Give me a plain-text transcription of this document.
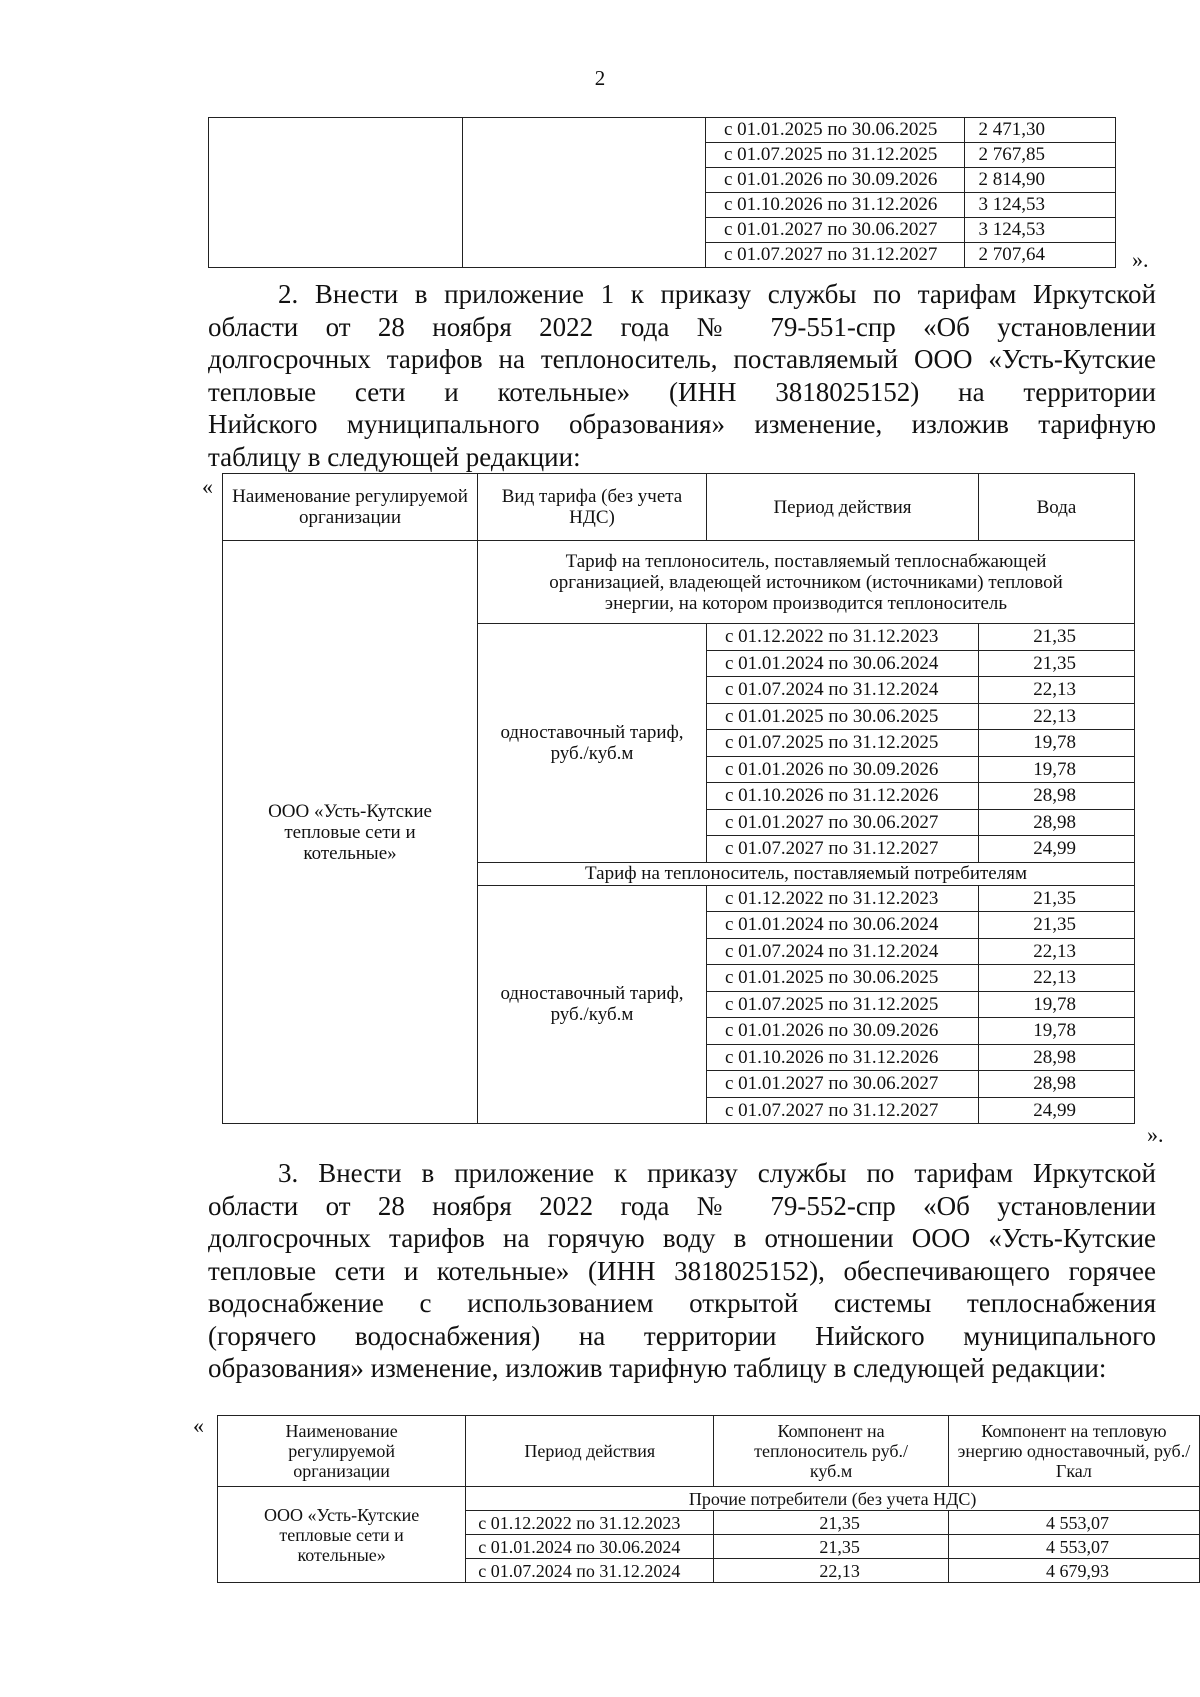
2
		с 01.01.2025 по 30.06.2025	2 471,30
		с 01.07.2025 по 31.12.2025	2 767,85
		с 01.01.2026 по 30.09.2026	2 814,90
		с 01.10.2026 по 31.12.2026	3 124,53
		с 01.01.2027 по 30.06.2027	3 124,53
		с 01.07.2027 по 31.12.2027	2 707,64	».
2. Внести в приложение 1 к приказу службы по тарифам Иркутской
области от 28 ноября 2022 года № 79-551-спр «Об установлении
долгосрочных тарифов на теплоноситель, поставляемый ООО «Усть-Кутские
тепловые сети и котельные» (ИНН 3818025152) на территории
Нийского муниципального образования» изменение, изложив тарифную
таблицу в следующей редакции:
« Наименование регулируемой организации	Вид тарифа (без учета НДС)	Период действия	Вода
ООО «Усть-Кутские тепловые сети и котельные»	Тариф на теплоноситель, поставляемый теплоснабжающей организацией, владеющей источником (источниками) тепловой энергии, на котором производится теплоноситель		
	одноставочный тариф, руб./куб.м	с 01.12.2022 по 31.12.2023	21,35
		с 01.01.2024 по 30.06.2024	21,35
		с 01.07.2024 по 31.12.2024	22,13
		с 01.01.2025 по 30.06.2025	22,13
		с 01.07.2025 по 31.12.2025	19,78
		с 01.01.2026 по 30.09.2026	19,78
		с 01.10.2026 по 31.12.2026	28,98
		с 01.01.2027 по 30.06.2027	28,98
		с 01.07.2027 по 31.12.2027	24,99
	Тариф на теплоноситель, поставляемый потребителям		
	одноставочный тариф, руб./куб.м	с 01.12.2022 по 31.12.2023	21,35
		с 01.01.2024 по 30.06.2024	21,35
		с 01.07.2024 по 31.12.2024	22,13
		с 01.01.2025 по 30.06.2025	22,13
		с 01.07.2025 по 31.12.2025	19,78
		с 01.01.2026 по 30.09.2026	19,78
		с 01.10.2026 по 31.12.2026	28,98
		с 01.01.2027 по 30.06.2027	28,98
		с 01.07.2027 по 31.12.2027	24,99
».
3. Внести в приложение к приказу службы по тарифам Иркутской
области от 28 ноября 2022 года № 79-552-спр «Об установлении
долгосрочных тарифов на горячую воду в отношении ООО «Усть-Кутские
тепловые сети и котельные» (ИНН 3818025152), обеспечивающего горячее
водоснабжение с использованием открытой системы теплоснабжения
(горячего водоснабжения) на территории Нийского муниципального
образования» изменение, изложив тарифную таблицу в следующей редакции:
«	Наименование регулируемой организации	Период действия	Компонент на теплоноситель руб./куб.м	Компонент на тепловую энергию одноставочный, руб./Гкал
ООО «Усть-Кутские тепловые сети и котельные»	Прочие потребители (без учета НДС)		
	с 01.12.2022 по 31.12.2023	21,35	4 553,07
	с 01.01.2024 по 30.06.2024	21,35	4 553,07
	с 01.07.2024 по 31.12.2024	22,13	4 679,93
